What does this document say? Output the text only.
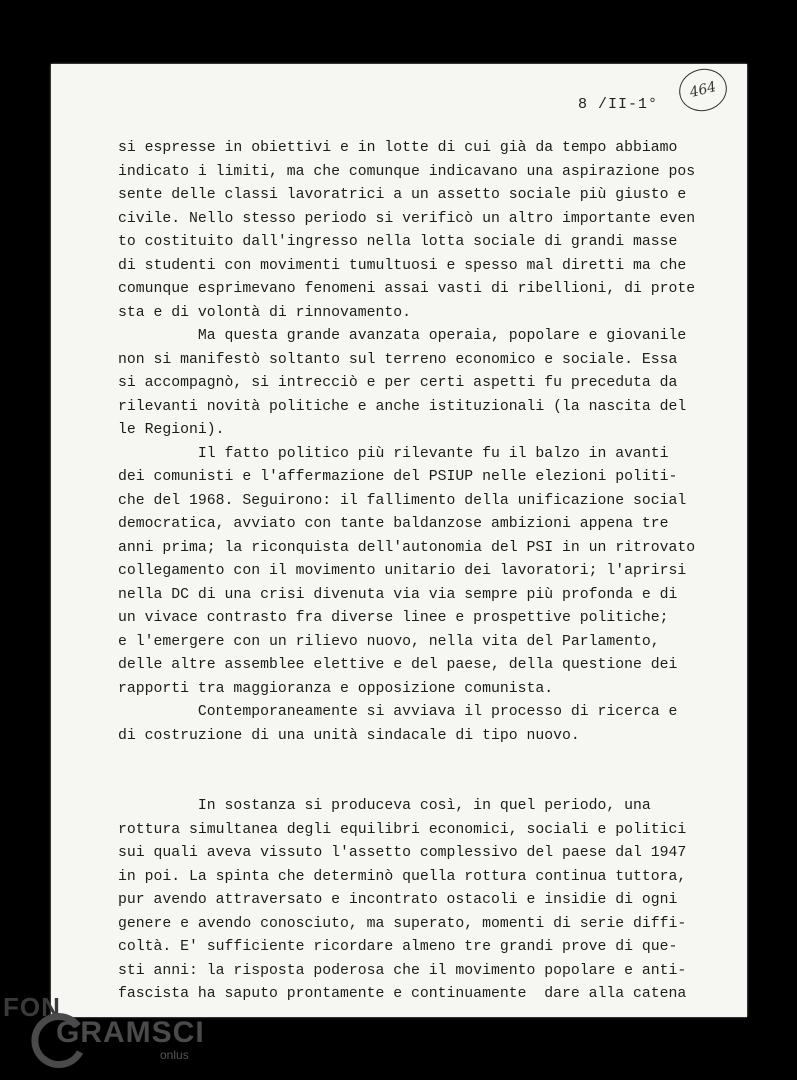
8 /II-1°
464
si espresse in obiettivi e in lotte di cui già da tempo abbiamo
indicato i limiti, ma che comunque indicavano una aspirazione pos
sente delle classi lavoratrici a un assetto sociale più giusto e
civile. Nello stesso periodo si verificò un altro importante even
to costituito dall'ingresso nella lotta sociale di grandi masse
di studenti con movimenti tumultuosi e spesso mal diretti ma che
comunque esprimevano fenomeni assai vasti di ribellioni, di prote
sta e di volontà di rinnovamento.
Ma questa grande avanzata operaia, popolare e giovanile
non si manifestò soltanto sul terreno economico e sociale. Essa
si accompagnò, si intrecciò e per certi aspetti fu preceduta da
rilevanti novità politiche e anche istituzionali (la nascita del
le Regioni).
Il fatto politico più rilevante fu il balzo in avanti
dei comunisti e l'affermazione del PSIUP nelle elezioni politi-
che del 1968. Seguirono: il fallimento della unificazione social
democratica, avviato con tante baldanzose ambizioni appena tre
anni prima; la riconquista dell'autonomia del PSI in un ritrovato
collegamento con il movimento unitario dei lavoratori; l'aprirsi
nella DC di una crisi divenuta via via sempre più profonda e di
un vivace contrasto fra diverse linee e prospettive politiche;
e l'emergere con un rilievo nuovo, nella vita del Parlamento,
delle altre assemblee elettive e del paese, della questione dei
rapporti tra maggioranza e opposizione comunista.
Contemporaneamente si avviava il processo di ricerca e
di costruzione di una unità sindacale di tipo nuovo.
In sostanza si produceva così, in quel periodo, una
rottura simultanea degli equilibri economici, sociali e politici
sui quali aveva vissuto l'assetto complessivo del paese dal 1947
in poi. La spinta che determinò quella rottura continua tuttora,
pur avendo attraversato e incontrato ostacoli e insidie di ogni
genere e avendo conosciuto, ma superato, momenti di serie diffi-
coltà. E' sufficiente ricordare almeno tre grandi prove di que-
sti anni: la risposta poderosa che il movimento popolare e anti-
fascista ha saputo prontamente e continuamente  dare alla catena
FON
GRAMSCI
onlus
